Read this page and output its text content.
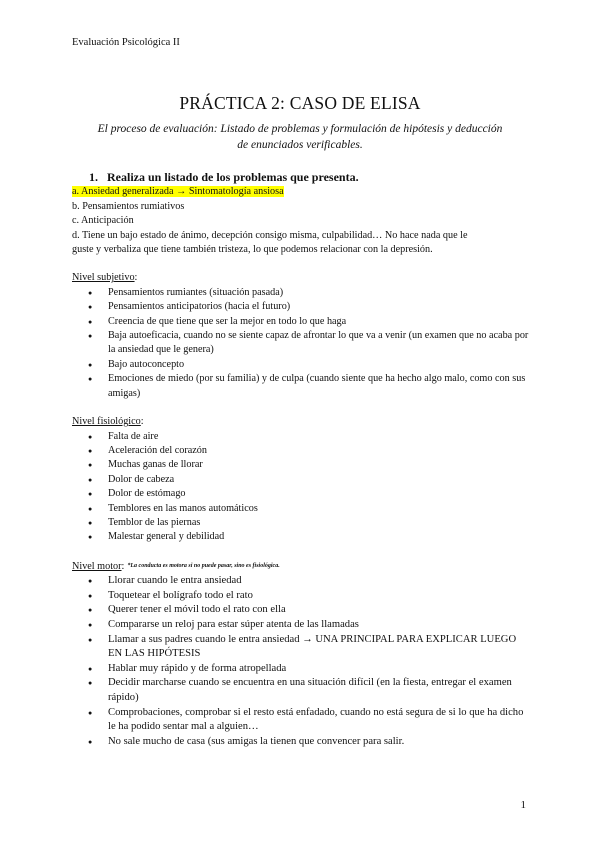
Evaluación Psicológica II
PRÁCTICA 2: CASO DE ELISA
El proceso de evaluación: Listado de problemas y formulación de hipótesis y deducción de enunciados verificables.
1. Realiza un listado de los problemas que presenta.

a. Ansiedad generalizada → Sintomatología ansiosa

b. Pensamientos rumiativos

c. Anticipación

d. Tiene un bajo estado de ánimo, decepción consigo misma, culpabilidad… No hace nada que le

guste y verbaliza que tiene también tristeza, lo que podemos relacionar con la depresión.

Nivel subjetivo:

● Pensamientos rumiantes (situación pasada)
● Pensamientos anticipatorios (hacia el futuro)
● Creencia de que tiene que ser la mejor en todo lo que haga
● Baja autoeficacia, cuando no se siente capaz de afrontar lo que va a venir (un examen que no acaba por la ansiedad que le genera)
● Bajo autoconcepto
● Emociones de miedo (por su familia) y de culpa (cuando siente que ha hecho algo malo, como con sus amigas)

Nivel fisiológico:

● Falta de aire
● Aceleración del corazón
● Muchas ganas de llorar
● Dolor de cabeza
● Dolor de estómago
● Temblores en las manos automáticos
● Temblor de las piernas
● Malestar general y debilidad

Nivel motor: *La conducta es motora si no puede pasar, sino es fisiológica.

● Llorar cuando le entra ansiedad
● Toquetear el bolígrafo todo el rato
● Querer tener el móvil todo el rato con ella
● Compararse un reloj para estar súper atenta de las llamadas
● Llamar a sus padres cuando le entra ansiedad → UNA PRINCIPAL PARA EXPLICAR LUEGO EN LAS HIPÓTESIS
● Hablar muy rápido y de forma atropellada
● Decidir marcharse cuando se encuentra en una situación difícil (en la fiesta, entregar el examen rápido)
● Comprobaciones, comprobar si el resto está enfadado, cuando no está segura de si lo que ha dicho le ha podido sentar mal a alguien…
● No sale mucho de casa (sus amigas la tienen que convencer para salir.
1
